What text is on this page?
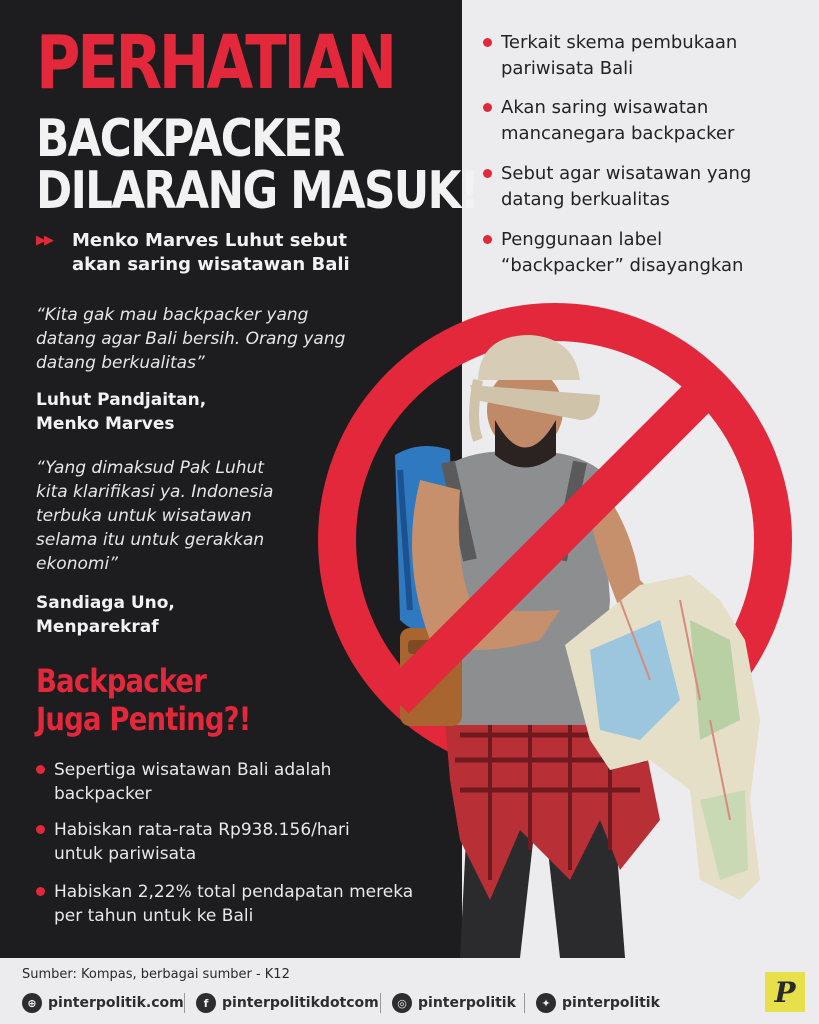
PERHATIAN
BACKPACKER
DILARANG MASUK!
▶▶ Menko Marves Luhut sebut akan saring wisatawan Bali
“Kita gak mau backpacker yang datang agar Bali bersih. Orang yang datang berkualitas”
Luhut Pandjaitan,
Menko Marves
“Yang dimaksud Pak Luhut kita klarifikasi ya. Indonesia terbuka untuk wisatawan selama itu untuk gerakkan ekonomi”
Sandiaga Uno,
Menparekraf
Backpacker
Juga Penting?!
Sepertiga wisatawan Bali adalah backpacker
Habiskan rata-rata Rp938.156/hari untuk pariwisata
Habiskan 2,22% total pendapatan mereka per tahun untuk ke Bali
Terkait skema pembukaan pariwisata Bali
Akan saring wisawatan mancanegara backpacker
Sebut agar wisatawan yang datang berkualitas
Penggunaan label “backpacker” disayangkan
Sumber: Kompas, berbagai sumber - K12
⊕ pinterpolitik.com	f pinterpolitikdotcom	◎ pinterpolitik	✦ pinterpolitik	P
